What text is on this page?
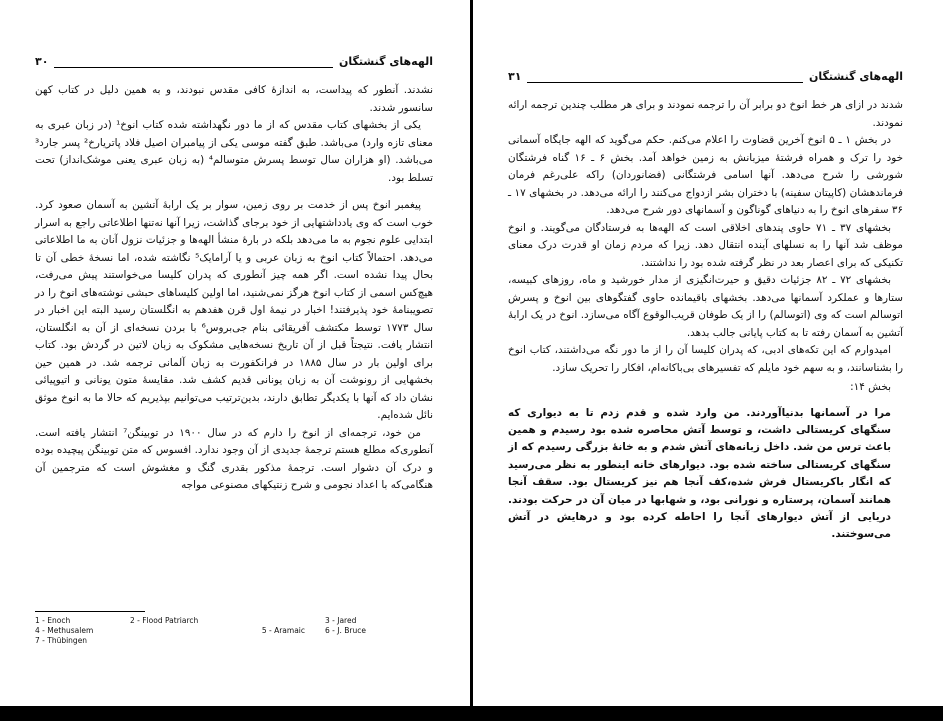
الهه‌های گنشتگان
۳۰

نشدند. آنطور که پیداست، به اندازهٔ کافی مقدس نبودند، و به همین دلیل در کتاب کهن سانسور شدند.

یکی از بخشهای کتاب مقدس که از ما دور نگهداشته شده کتاب انوخ¹ (در زبان عبری به معنای تازه وارد) می‌باشد. طبق گفته موسی یکی از پیامبران اصیل فلاد پاتریارخ² پسر جارد³ می‌باشد. (او هزاران سال توسط پسرش متوسالم⁴ (به زبان عبری یعنی موشک‌انداز) تحت تسلط بود.

پیغمبر انوخ پس از خدمت بر روی زمین، سوار بر یک ارابهٔ آتشین به آسمان صعود کرد. خوب است که وی یادداشتهایی از خود برجای گذاشت، زیرا آنها نه‌تنها اطلاعاتی راجع به اسرار ابتدایی علوم نجوم به ما می‌دهد بلکه در بارهٔ منشأ الهه‌ها و جزئیات نزول آنان به ما اطلاعاتی می‌دهد. احتمالاً کتاب انوخ به زبان عربی و یا آرامایک⁵ نگاشته شده، اما نسخهٔ خطی آن تا بحال پیدا نشده است. اگر همه چیز آنطوری که پدران کلیسا می‌خواستند پیش می‌رفت، هیچ‌کس اسمی از کتاب انوخ هرگز نمی‌شنید، اما اولین کلیساهای حبشی نوشته‌های انوخ را در تصویبنامهٔ خود پذیرفتند! اخبار در نیمهٔ اول قرن هفدهم به انگلستان رسید البته این اخبار در سال ۱۷۷۳ توسط مکتشف آفریقائی بنام جی‌بروس⁶ با بردن نسخه‌ای از آن به انگلستان، انتشار یافت. نتیجتاً قبل از آن تاریخ نسخه‌هایی مشکوک به زبان لاتین در گردش بود. کتاب برای اولین بار در سال ۱۸۸۵ در فرانکفورت به زبان آلمانی ترجمه شد. در همین حین بخشهایی از رونوشت آن به زبان یونانی قدیم کشف شد. مقایسهٔ متون یونانی و اتیوپیائی نشان داد که آنها با یکدیگر تطابق دارند، بدین‌ترتیب می‌توانیم بپذیریم که حالا ما به انوخ موثق نائل شده‌ایم.

من خود، ترجمه‌ای از انوخ را دارم که در سال ۱۹۰۰ در توبینگن⁷ انتشار یافته است. آنطوری‌که مطلع هستم ترجمهٔ جدیدی از آن وجود ندارد. افسوس که متن توبینگن پیچیده بوده و درک آن دشوار است. ترجمهٔ مذکور بقدری گنگ و مغشوش است که مترجمین آن هنگامی‌که با اعداد نجومی و شرح زنتیکهای مصنوعی مواجه

1 - Enoch	2 - Flood Patriarch	3 - Jared
4 - Methusalem	5 - Aramaic	6 - J. Bruce
7 - Thübingen
الهه‌های گنشتگان
۳۱

شدند در ازای هر خط انوخ دو برابر آن را ترجمه نمودند و برای هر مطلب چندین ترجمه ارائه نمودند.

در بخش ۱ ـ ۵ انوخ آخرین قضاوت را اعلام می‌کنم. حکم می‌گوید که الهه جایگاه آسمانی خود را ترک و همراه فرشتهٔ میزبانش به زمین خواهد آمد. بخش ۶ ـ ۱۶ گناه فرشتگان شورشی را شرح می‌دهد. آنها اسامی فرشتگانی (فضانوردان) راکه علی‌رغم فرمان فرماندهشان (کاپیتان سفینه) با دختران بشر ازدواج می‌کنند را ارائه می‌دهد. در بخشهای ۱۷ ـ ۳۶ سفرهای انوخ را به دنیاهای گوناگون و آسمانهای دور شرح می‌دهد.

بخشهای ۳۷ ـ ۷۱ حاوی پندهای اخلاقی است که الهه‌ها به فرستادگان می‌گویند. و انوخ موظف شد آنها را به نسلهای آینده انتقال دهد. زیرا که مردم زمان او قدرت درک معنای تکنیکی که برای اعصار بعد در نظر گرفته شده بود را نداشتند.

بخشهای ۷۲ ـ ۸۲ جزئیات دقیق و حیرت‌انگیزی از مدار خورشید و ماه، روزهای کبیسه، ستارها و عملکرد آسمانها می‌دهد. بخشهای باقیمانده حاوی گفتگوهای بین انوخ و پسرش اتوسالم است که وی (اتوسالم) را از یک طوفان قریب‌الوقوع آگاه می‌سازد. انوخ در یک ارابهٔ آتشین به آسمان رفته تا به کتاب پایانی جالب بدهد.

امیدوارم که این تکه‌های ادبی، که پدران کلیسا آن را از ما دور نگه می‌داشتند، کتاب انوخ را بشناسانند، و به سهم خود مایلم که تفسیرهای بی‌باکانه‌ام، افکار را تحریک سازد.

بخش ۱۴:

مرا در آسمانها بدنیاآوردند. من وارد شده و قدم زدم تا به دیواری که سنگهای کریستالی داشت، و توسط آتش محاصره شده بود رسیدم و همین باعث ترس من شد. داخل زبانه‌های آتش شدم و به خانهٔ بزرگی رسیدم که از سنگهای کریستالی ساخته شده بود. دیوارهای خانه اینطور به نظر می‌رسید که انگار باکریستال فرش شده،کف آنجا هم نیز کریستال بود. سقف آنجا همانند آسمان، پرستاره و نورانی بود، و شهابها در میان آن در حرکت بودند. دریایی از آتش دیوارهای آنجا را احاطه کرده بود و درهایش در آتش می‌سوختند.
